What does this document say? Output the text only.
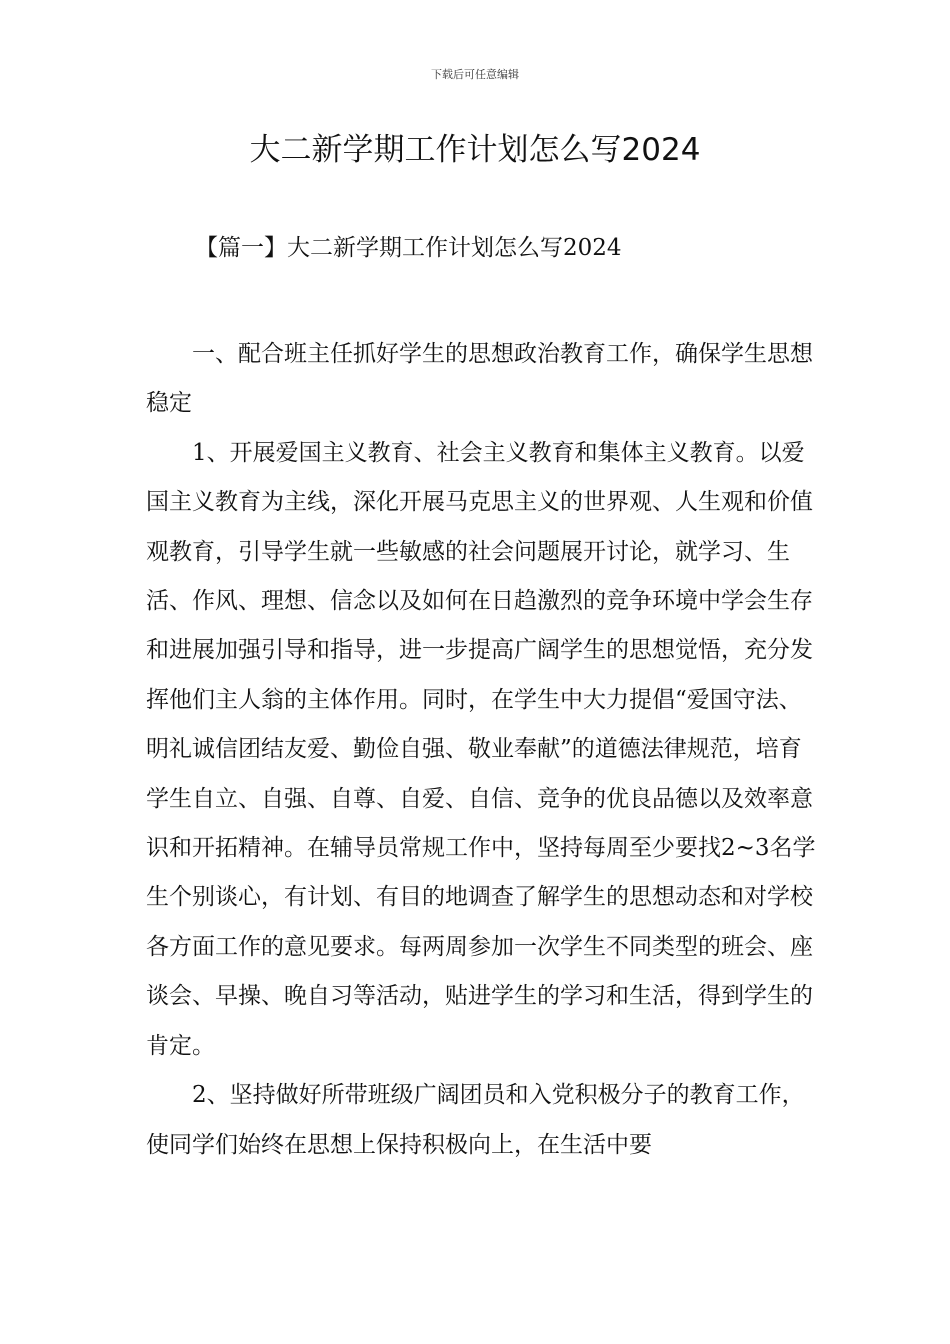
下载后可任意编辑
大二新学期工作计划怎么写2024
【篇一】大二新学期工作计划怎么写2024

一、配合班主任抓好学生的思想政治教育工作，确保学生思想稳定

1、开展爱国主义教育、社会主义教育和集体主义教育。以爱国主义教育为主线，深化开展马克思主义的世界观、人生观和价值观教育，引导学生就一些敏感的社会问题展开讨论，就学习、生活、作风、理想、信念以及如何在日趋激烈的竞争环境中学会生存和进展加强引导和指导，进一步提高广阔学生的思想觉悟，充分发挥他们主人翁的主体作用。同时，在学生中大力提倡“爱国守法、明礼诚信团结友爱、勤俭自强、敬业奉献”的道德法律规范，培育学生自立、自强、自尊、自爱、自信、竞争的优良品德以及效率意识和开拓精神。在辅导员常规工作中，坚持每周至少要找2~3名学生个别谈心，有计划、有目的地调查了解学生的思想动态和对学校各方面工作的意见要求。每两周参加一次学生不同类型的班会、座谈会、早操、晚自习等活动，贴进学生的学习和生活，得到学生的肯定。

2、坚持做好所带班级广阔团员和入党积极分子的教育工作，使同学们始终在思想上保持积极向上，在生活中要
